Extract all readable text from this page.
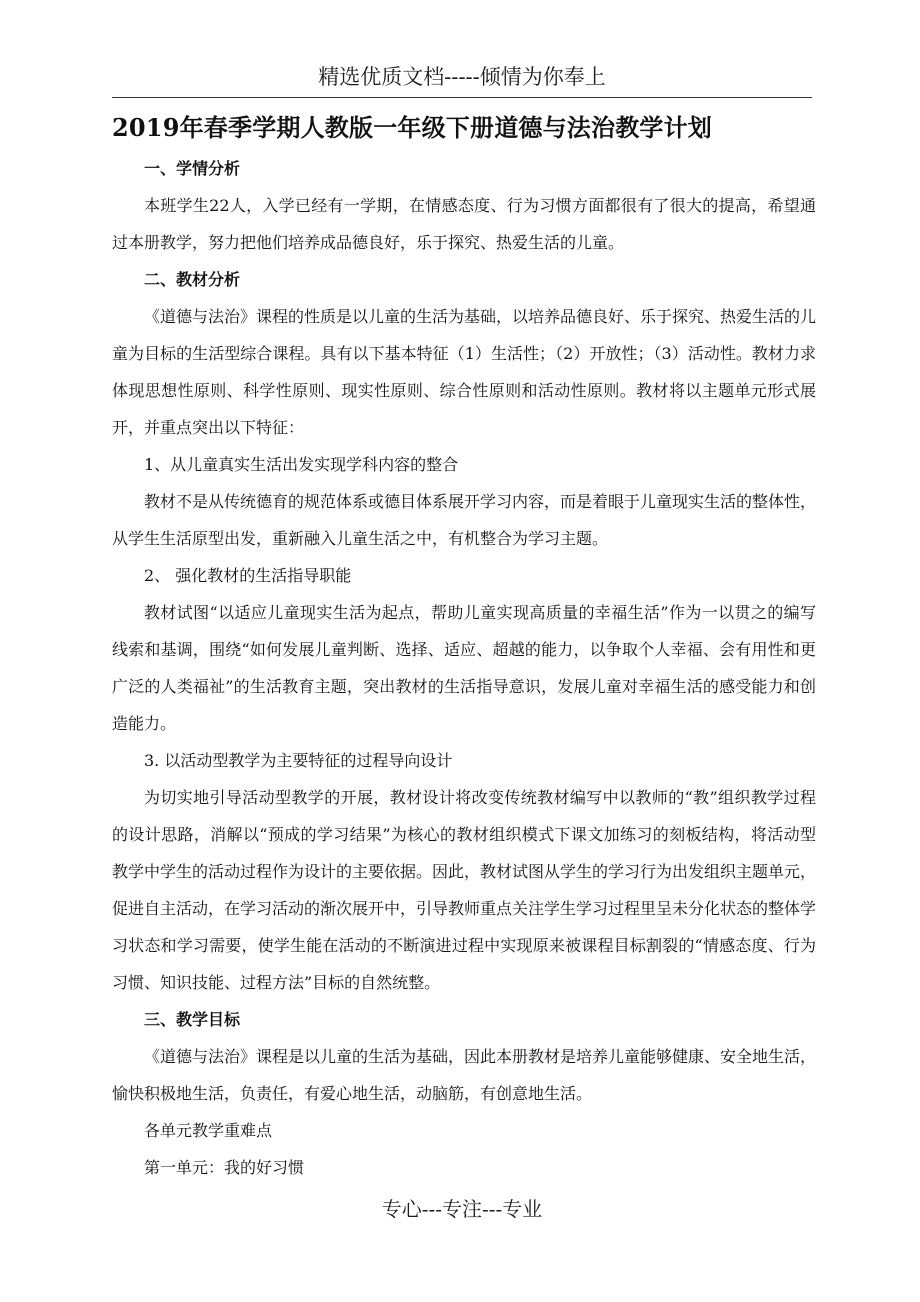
精选优质文档-----倾情为你奉上
2019年春季学期人教版一年级下册道德与法治教学计划

一、学情分析

本班学生22人，入学已经有一学期，在情感态度、行为习惯方面都很有了很大的提高，希望通过本册教学，努力把他们培养成品德良好，乐于探究、热爱生活的儿童。

二、教材分析

《道德与法治》课程的性质是以儿童的生活为基础，以培养品德良好、乐于探究、热爱生活的儿童为目标的生活型综合课程。具有以下基本特征（1）生活性；（2）开放性；（3）活动性。教材力求体现思想性原则、科学性原则、现实性原则、综合性原则和活动性原则。教材将以主题单元形式展开，并重点突出以下特征：

1、从儿童真实生活出发实现学科内容的整合

教材不是从传统德育的规范体系或德目体系展开学习内容，而是着眼于儿童现实生活的整体性，从学生生活原型出发，重新融入儿童生活之中，有机整合为学习主题。

2、 强化教材的生活指导职能

教材试图“以适应儿童现实生活为起点，帮助儿童实现高质量的幸福生活”作为一以贯之的编写线索和基调，围绕“如何发展儿童判断、选择、适应、超越的能力，以争取个人幸福、会有用性和更广泛的人类福祉”的生活教育主题，突出教材的生活指导意识，发展儿童对幸福生活的感受能力和创造能力。

3. 以活动型教学为主要特征的过程导向设计

为切实地引导活动型教学的开展，教材设计将改变传统教材编写中以教师的“教”组织教学过程的设计思路，消解以“预成的学习结果”为核心的教材组织模式下课文加练习的刻板结构，将活动型教学中学生的活动过程作为设计的主要依据。因此，教材试图从学生的学习行为出发组织主题单元，促进自主活动，在学习活动的渐次展开中，引导教师重点关注学生学习过程里呈未分化状态的整体学习状态和学习需要，使学生能在活动的不断演进过程中实现原来被课程目标割裂的“情感态度、行为习惯、知识技能、过程方法”目标的自然统整。

三、教学目标

《道德与法治》课程是以儿童的生活为基础，因此本册教材是培养儿童能够健康、安全地生活，愉快积极地生活，负责任，有爱心地生活，动脑筋，有创意地生活。

各单元教学重难点

第一单元：我的好习惯

专心---专注---专业
